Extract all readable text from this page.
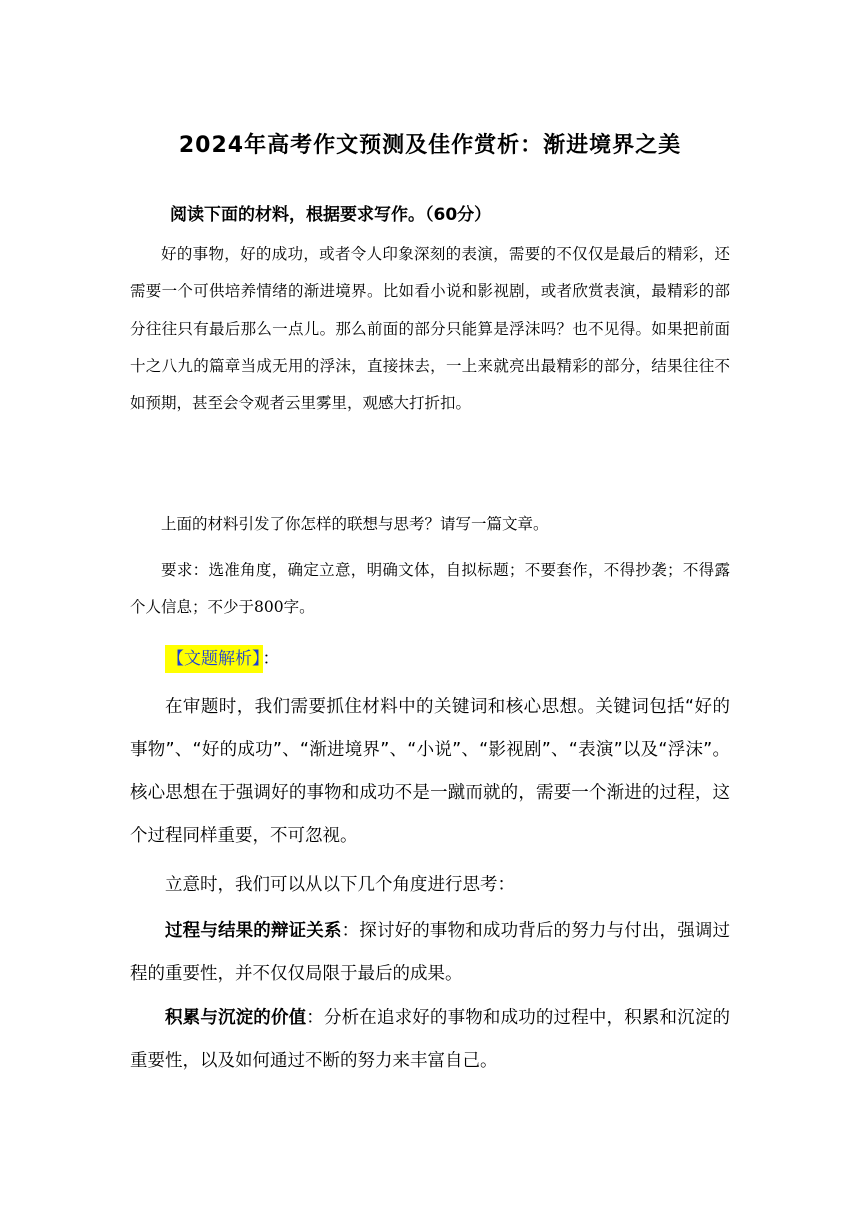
2024年高考作文预测及佳作赏析：渐进境界之美
阅读下面的材料，根据要求写作。（60分）

好的事物，好的成功，或者令人印象深刻的表演，需要的不仅仅是最后的精彩，还需要一个可供培养情绪的渐进境界。比如看小说和影视剧，或者欣赏表演，最精彩的部分往往只有最后那么一点儿。那么前面的部分只能算是浮沫吗？也不见得。如果把前面十之八九的篇章当成无用的浮沫，直接抹去，一上来就亮出最精彩的部分，结果往往不如预期，甚至会令观者云里雾里，观感大打折扣。

上面的材料引发了你怎样的联想与思考？请写一篇文章。

要求：选准角度，确定立意，明确文体，自拟标题；不要套作，不得抄袭；不得露个人信息；不少于800字。

【文题解析】 ：

在审题时，我们需要抓住材料中的关键词和核心思想。关键词包括“好的事物”、“好的成功”、“渐进境界”、“小说”、“影视剧”、“表演”以及“浮沫”。核心思想在于强调好的事物和成功不是一蹴而就的，需要一个渐进的过程，这个过程同样重要，不可忽视。

立意时，我们可以从以下几个角度进行思考：

过程与结果的辩证关系：探讨好的事物和成功背后的努力与付出，强调过程的重要性，并不仅仅局限于最后的成果。

积累与沉淀的价值：分析在追求好的事物和成功的过程中，积累和沉淀的重要性，以及如何通过不断的努力来丰富自己。
